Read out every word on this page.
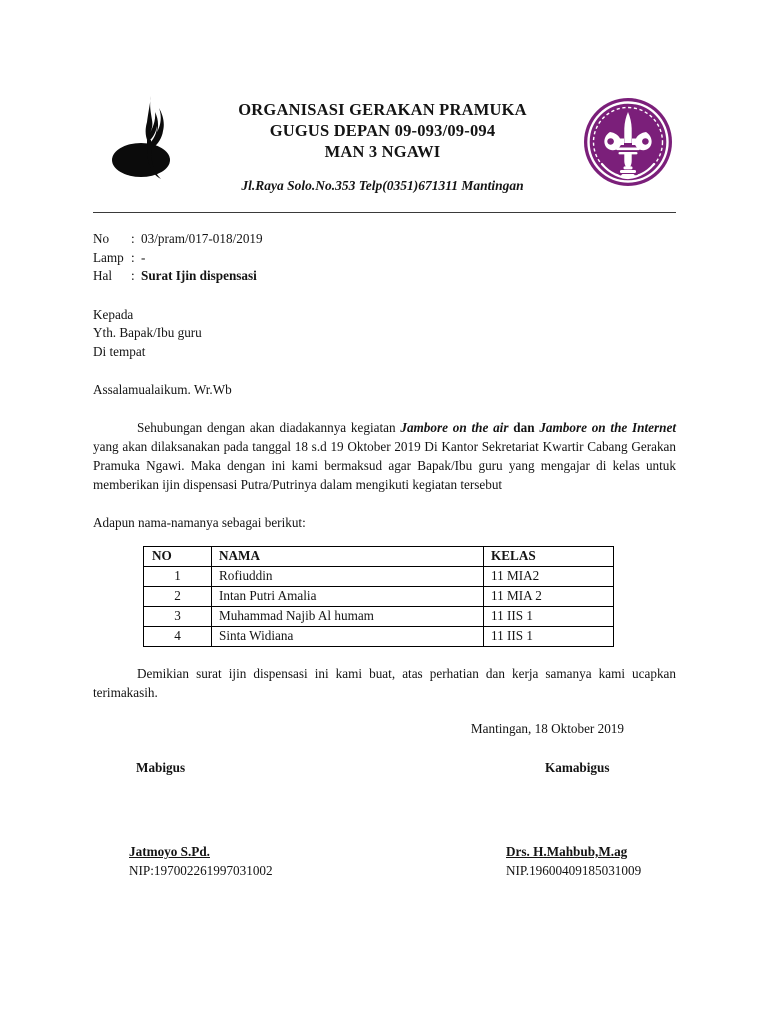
ORGANISASI GERAKAN PRAMUKA
GUGUS DEPAN 09-093/09-094
MAN 3 NGAWI
Jl.Raya Solo.No.353 Telp(0351)671311 Mantingan
No	: 03/pram/017-018/2019
Lamp : -
Hal	: Surat Ijin dispensasi
Kepada
Yth. Bapak/Ibu guru
Di tempat
Assalamualaikum. Wr.Wb

Sehubungan dengan akan diadakannya kegiatan Jambore on the air dan Jambore on the Internet yang akan dilaksanakan pada tanggal 18 s.d 19 Oktober 2019 Di Kantor Sekretariat Kwartir Cabang Gerakan Pramuka Ngawi. Maka dengan ini kami bermaksud agar Bapak/Ibu guru yang mengajar di kelas untuk memberikan ijin dispensasi Putra/Putrinya dalam mengikuti kegiatan tersebut

Adapun nama-namanya sebagai berikut:
NO	NAMA	KELAS
1	Rofiuddin	11 MIA2
2	Intan Putri Amalia	11 MIA 2
3	Muhammad Najib Al humam	11 IIS 1
4	Sinta Widiana	11 IIS 1

Demikian surat ijin dispensasi ini kami buat, atas perhatian dan kerja samanya kami ucapkan terimakasih.

Mantingan, 18 Oktober 2019
Mabigus	Kamabigus
Jatmoyo S.Pd.
NIP:197002261997031002
Drs. H.Mahbub,M.ag
NIP.19600409185031009
